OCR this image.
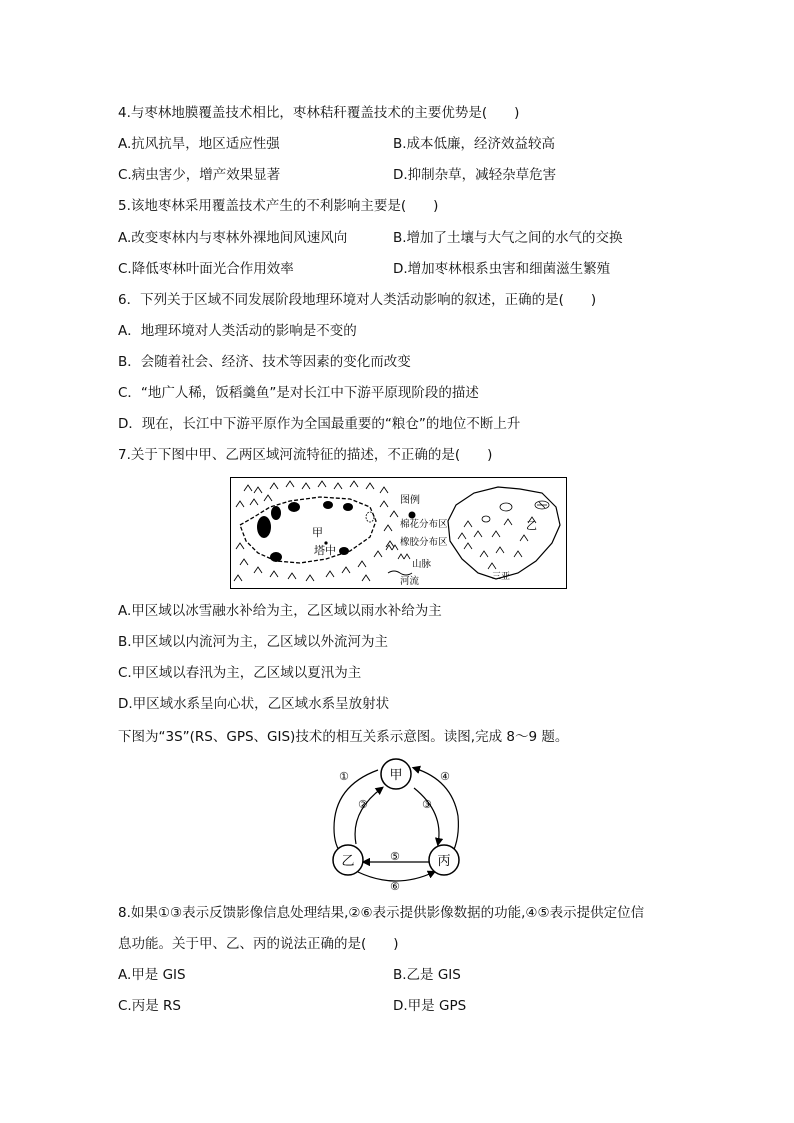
4.与枣林地膜覆盖技术相比，枣林秸秆覆盖技术的主要优势是(　　)
A.抗风抗旱，地区适应性强	B.成本低廉，经济效益较高
C.病虫害少，增产效果显著	D.抑制杂草，减轻杂草危害
5.该地枣林采用覆盖技术产生的不利影响主要是(　　)
A.改变枣林内与枣林外裸地间风速风向	B.增加了土壤与大气之间的水气的交换
C.降低枣林叶面光合作用效率	D.增加枣林根系虫害和细菌滋生繁殖
6．下列关于区域不同发展阶段地理环境对人类活动影响的叙述，正确的是(　　)
A．地理环境对人类活动的影响是不变的
B．会随着社会、经济、技术等因素的变化而改变
C．“地广人稀，饭稻羹鱼”是对长江中下游平原现阶段的描述
D．现在，长江中下游平原作为全国最重要的“粮仓”的地位不断上升
7.关于下图中甲、乙两区域河流特征的描述，不正确的是(　　)
甲
塔中
图例
棉花分布区
橡胶分布区
山脉
河流
乙
三亚
A.甲区域以冰雪融水补给为主，乙区域以雨水补给为主
B.甲区域以内流河为主，乙区域以外流河为主
C.甲区域以春汛为主，乙区域以夏汛为主
D.甲区域水系呈向心状，乙区域水系呈放射状
下图为“3S”(RS、GPS、GIS)技术的相互关系示意图。读图,完成 8～9 题。
甲
乙	丙
①
②	③
④
⑤
⑥
8.如果①③表示反馈影像信息处理结果,②⑥表示提供影像数据的功能,④⑤表示提供定位信
息功能。关于甲、乙、丙的说法正确的是(　　)
A.甲是 GIS	B.乙是 GIS
C.丙是 RS	D.甲是 GPS
